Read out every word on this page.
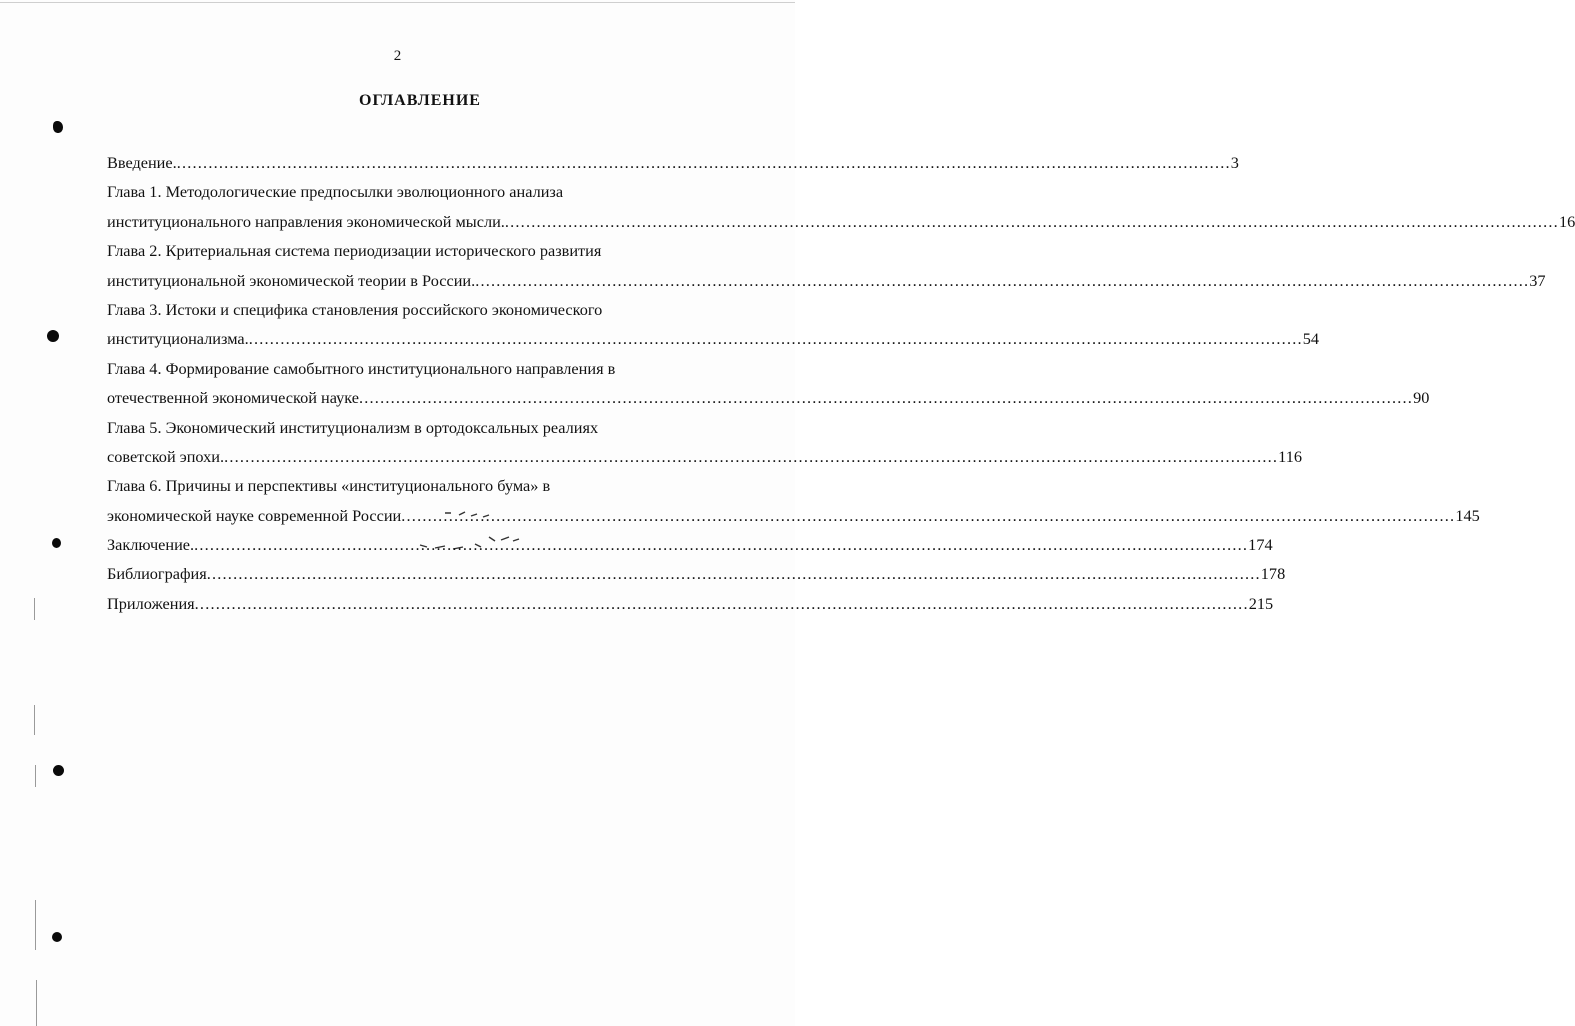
2
ОГЛАВЛЕНИЕ
Введение. ........................................................................................................................................................................................................ 3
Глава 1. Методологические предпосылки эволюционного анализа
институционального направления экономической мысли. ........................................................................................................................................................................................................ 16
Глава 2. Критериальная система периодизации исторического развития
институциональной экономической теории в России. ........................................................................................................................................................................................................ 37
Глава 3. Истоки и специфика становления российского экономического
институционализма. ........................................................................................................................................................................................................ 54
Глава 4. Формирование самобытного институционального направления в
отечественной экономической науке ........................................................................................................................................................................................................ 90
Глава 5. Экономический институционализм в ортодоксальных реалиях
советской эпохи. ........................................................................................................................................................................................................ 116
Глава 6. Причины и перспективы «институционального бума» в
экономической науке современной России ........................................................................................................................................................................................................ 145
Заключение. ........................................................................................................................................................................................................ 174
Библиография ........................................................................................................................................................................................................ 178
Приложения ........................................................................................................................................................................................................ 215
